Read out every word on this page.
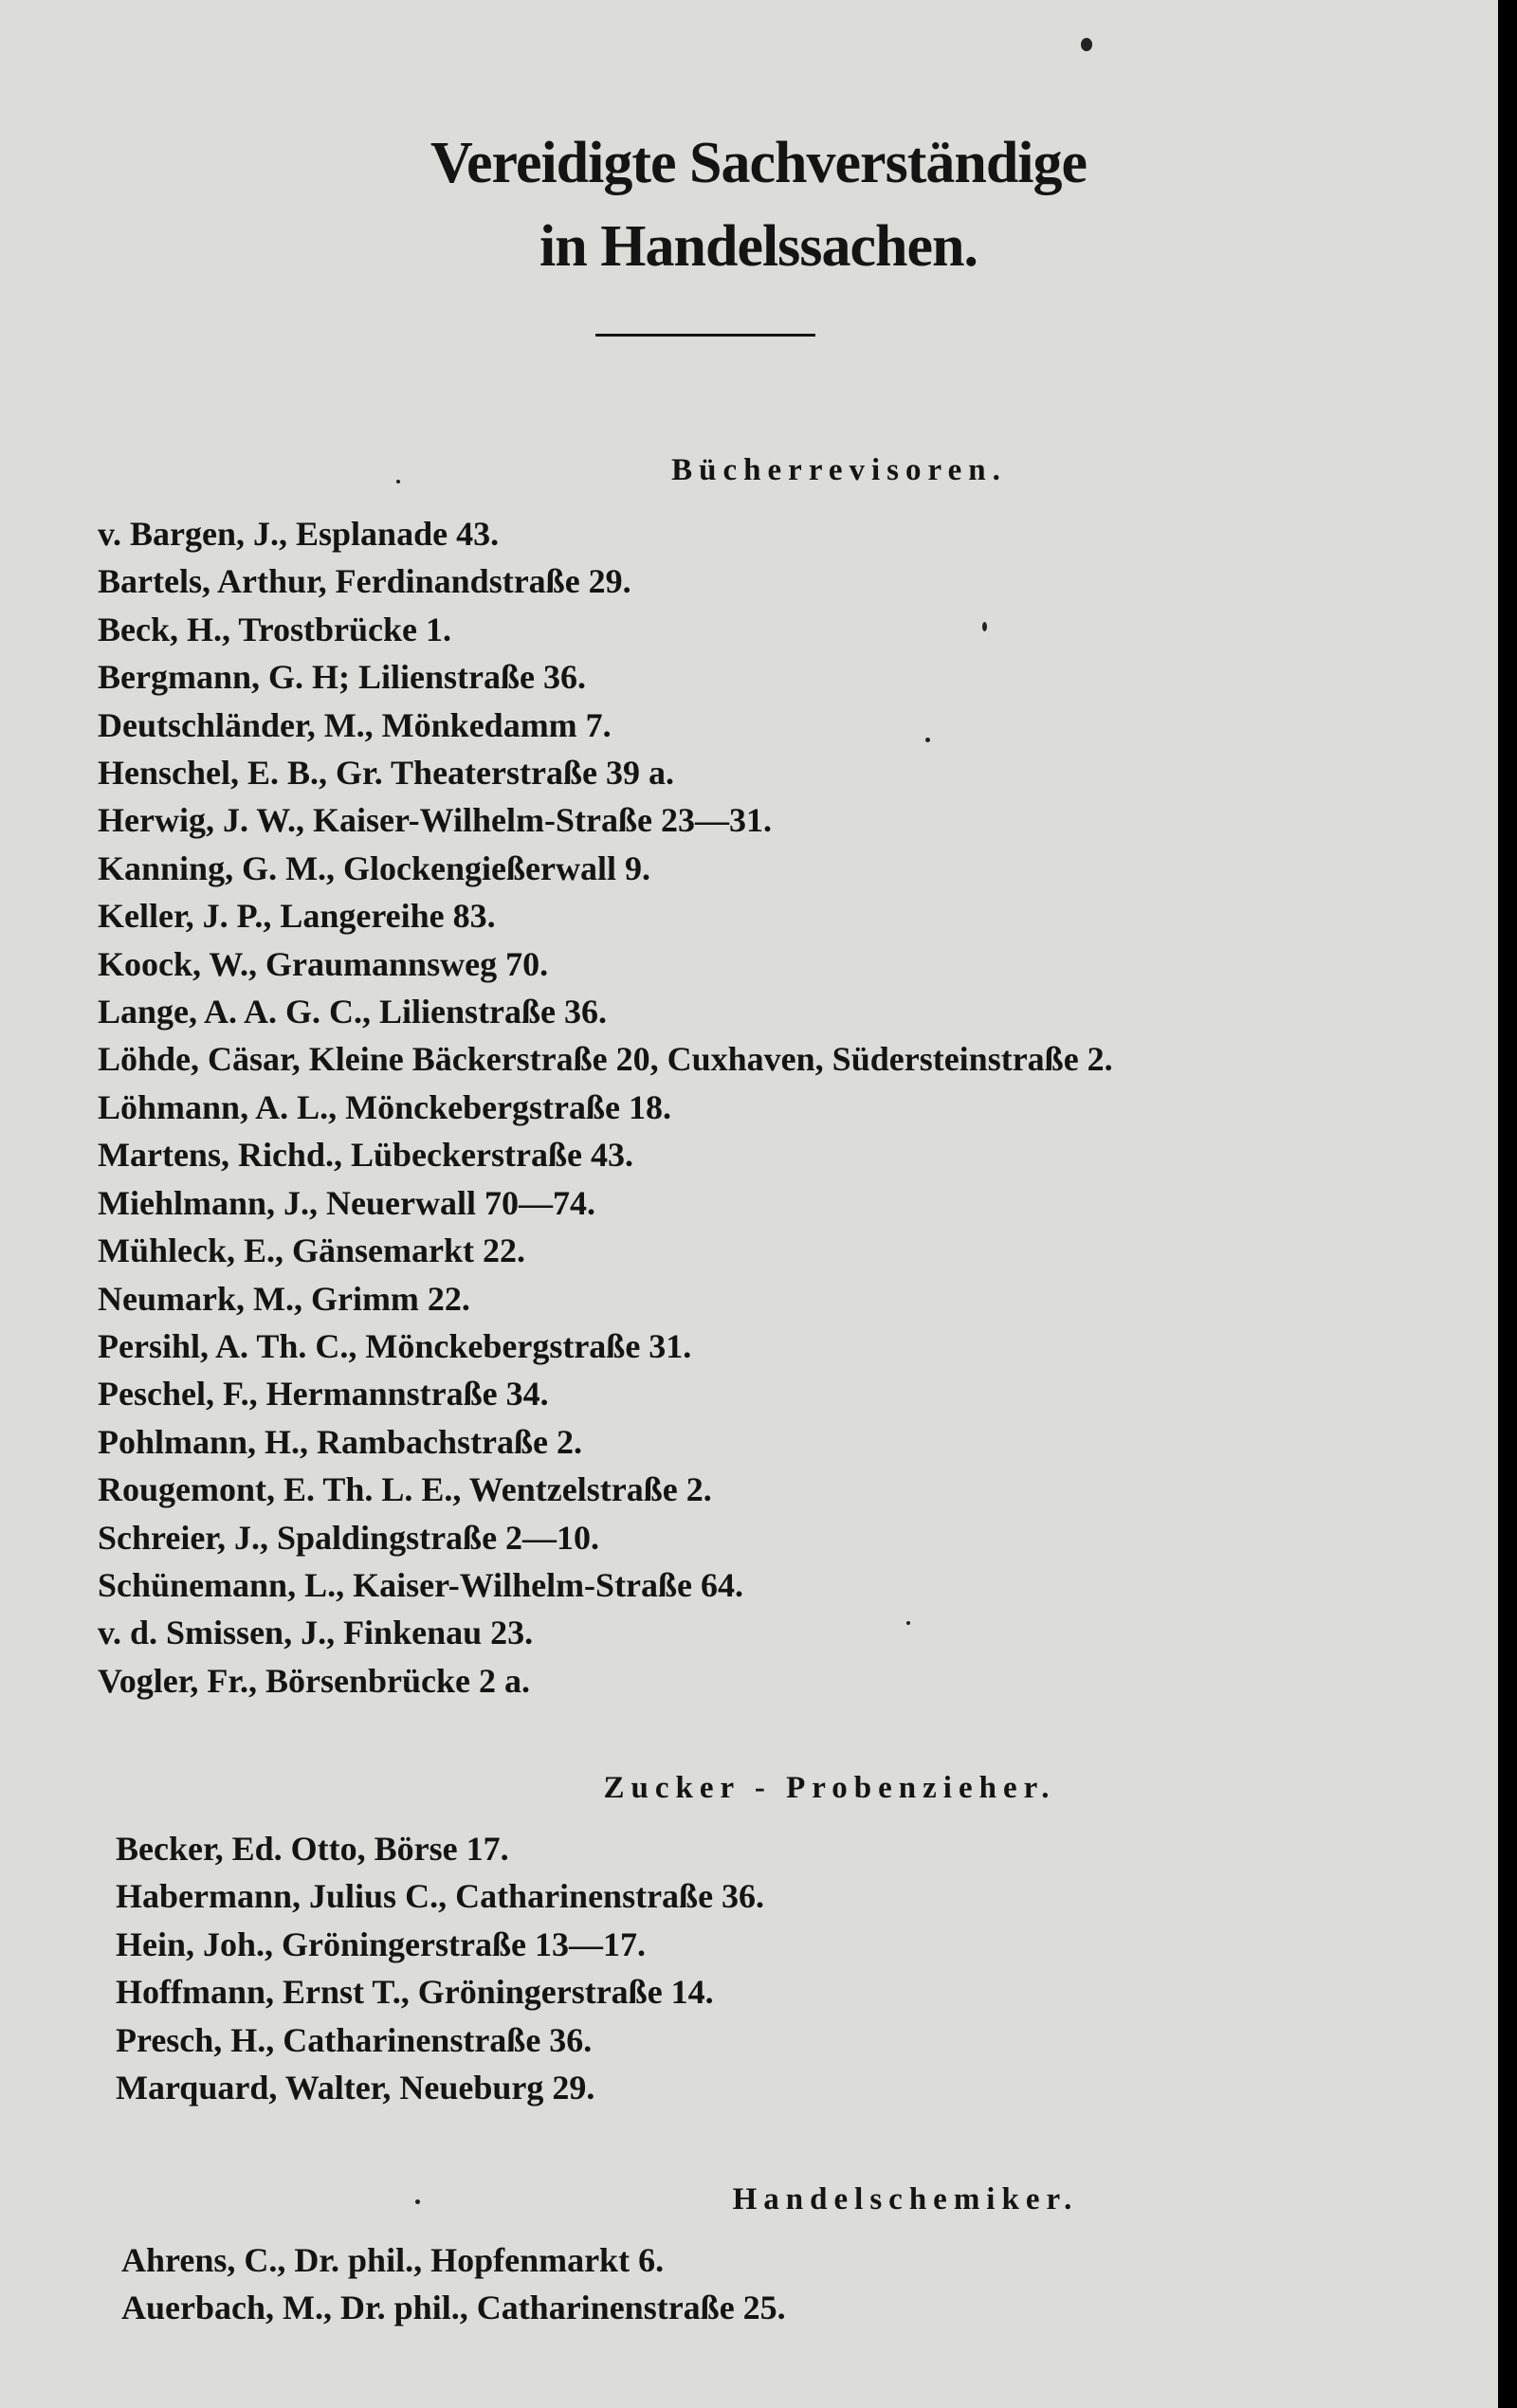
Vereidigte Sachverständige
in Handelssachen.
Bücherrevisoren.
v. Bargen, J., Esplanade 43.
Bartels, Arthur, Ferdinandstraße 29.
Beck, H., Trostbrücke 1.
Bergmann, G. H; Lilienstraße 36.
Deutschländer, M., Mönkedamm 7.
Henschel, E. B., Gr. Theaterstraße 39 a.
Herwig, J. W., Kaiser-Wilhelm-Straße 23—31.
Kanning, G. M., Glockengießerwall 9.
Keller, J. P., Langereihe 83.
Koock, W., Graumannsweg 70.
Lange, A. A. G. C., Lilienstraße 36.
Löhde, Cäsar, Kleine Bäckerstraße 20, Cuxhaven, Südersteinstraße 2.
Löhmann, A. L., Mönckebergstraße 18.
Martens, Richd., Lübeckerstraße 43.
Miehlmann, J., Neuerwall 70—74.
Mühleck, E., Gänsemarkt 22.
Neumark, M., Grimm 22.
Persihl, A. Th. C., Mönckebergstraße 31.
Peschel, F., Hermannstraße 34.
Pohlmann, H., Rambachstraße 2.
Rougemont, E. Th. L. E., Wentzelstraße 2.
Schreier, J., Spaldingstraße 2—10.
Schünemann, L., Kaiser-Wilhelm-Straße 64.
v. d. Smissen, J., Finkenau 23.
Vogler, Fr., Börsenbrücke 2 a.
Zucker - Probenzieher.
Becker, Ed. Otto, Börse 17.
Habermann, Julius C., Catharinenstraße 36.
Hein, Joh., Gröningerstraße 13—17.
Hoffmann, Ernst T., Gröningerstraße 14.
Presch, H., Catharinenstraße 36.
Marquard, Walter, Neueburg 29.
Handelschemiker.
Ahrens, C., Dr. phil., Hopfenmarkt 6.
Auerbach, M., Dr. phil., Catharinenstraße 25.
